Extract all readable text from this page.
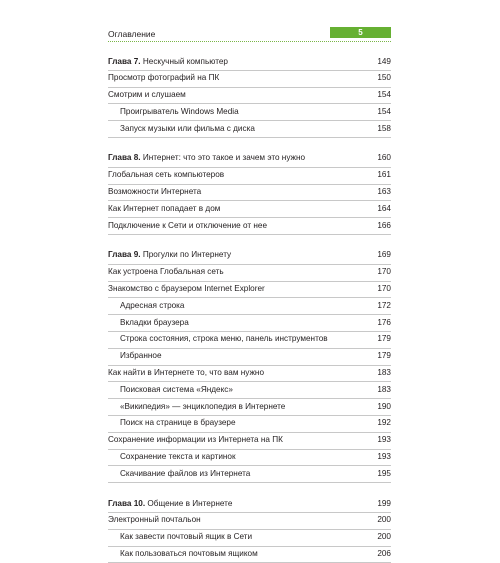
Оглавление	5
Глава 7. Нескучный компьютер	149
Просмотр фотографий на ПК	150
Смотрим и слушаем	154
Проигрыватель Windows Media	154
Запуск музыки или фильма с диска	158
Глава 8. Интернет: что это такое и зачем это нужно	160
Глобальная сеть компьютеров	161
Возможности Интернета	163
Как Интернет попадает в дом	164
Подключение к Сети и отключение от нее	166
Глава 9. Прогулки по Интернету	169
Как устроена Глобальная сеть	170
Знакомство с браузером Internet Explorer	170
Адресная строка	172
Вкладки браузера	176
Строка состояния, строка меню, панель инструментов	179
Избранное	179
Как найти в Интернете то, что вам нужно	183
Поисковая система «Яндекс»	183
«Википедия» — энциклопедия в Интернете	190
Поиск на странице в браузере	192
Сохранение информации из Интернета на ПК	193
Сохранение текста и картинок	193
Скачивание файлов из Интернета	195
Глава 10. Общение в Интернете	199
Электронный почтальон	200
Как завести почтовый ящик в Сети	200
Как пользоваться почтовым ящиком	206
